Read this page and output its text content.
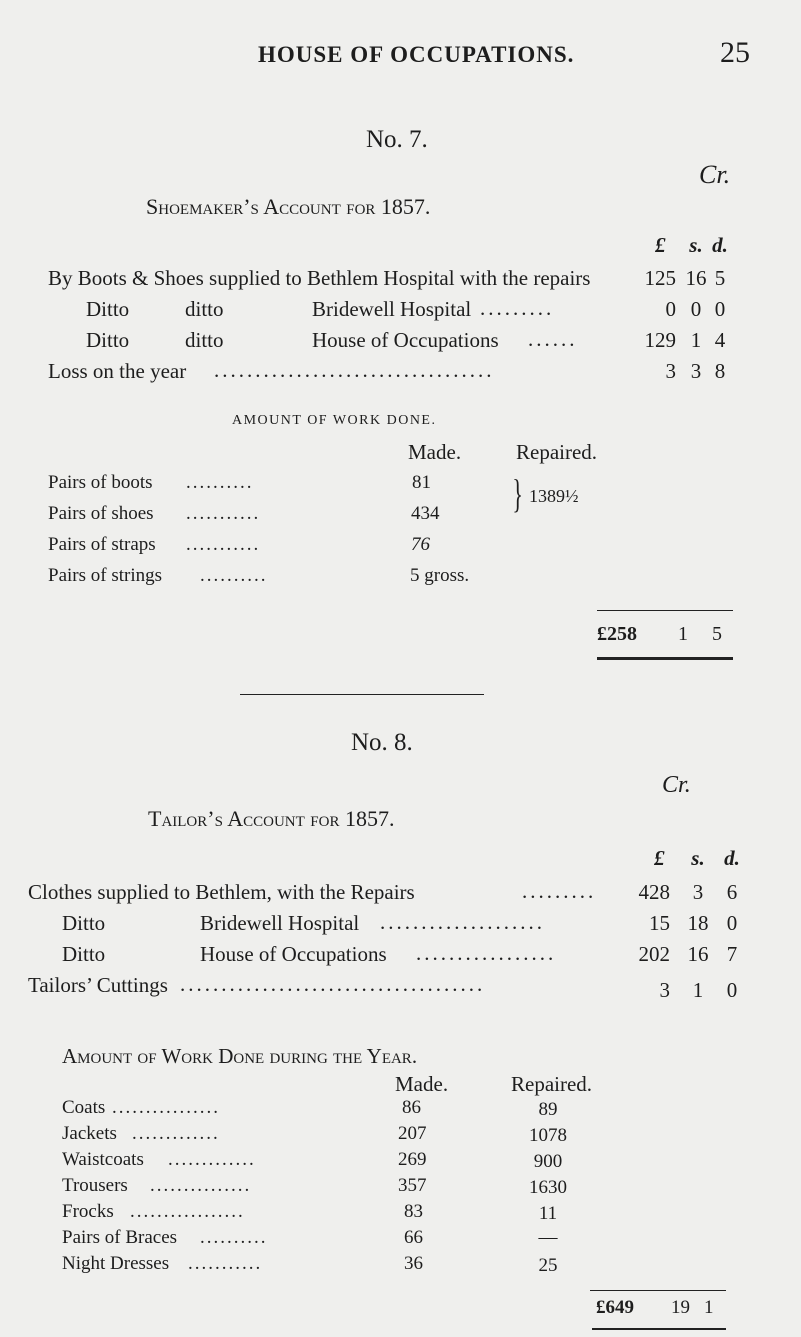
HOUSE OF OCCUPATIONS.	25
No. 7.
Cr.
Shoemaker’s Account for 1857.
£	s. d.
By Boots & Shoes supplied to Bethlem Hospital with the repairs	125 16 5
Ditto	ditto	Bridewell Hospital .........	0 0 0
Ditto	ditto	House of Occupations ......	129 1 4
Loss on the year ..................................	3 3 8
AMOUNT OF WORK DONE.
Made.	Repaired.
Pairs of boots ..........	81
Pairs of shoes ...........	434
Pairs of straps ...........	76
Pairs of strings ..........	5 gross.
} 1389½
£258 1 5
No. 8.
Cr.
Tailor’s Account for 1857.
£	s. d.
Clothes supplied to Bethlem, with the Repairs	.........	428	3	6
Ditto	Bridewell Hospital ....................	15 18 0
Ditto	House of Occupations .................	202 16 7
Tailors’ Cuttings .....................................	3	1	0
Amount of Work Done during the Year.
Made.	Repaired.
Coats ................	86	89
Jackets .............	207	1078
Waistcoats .............	269	900
Trousers ...............	357	1630
Frocks .................	83	11
Pairs of Braces ..........	66	—
Night Dresses ...........	36	25
£649 19 1
